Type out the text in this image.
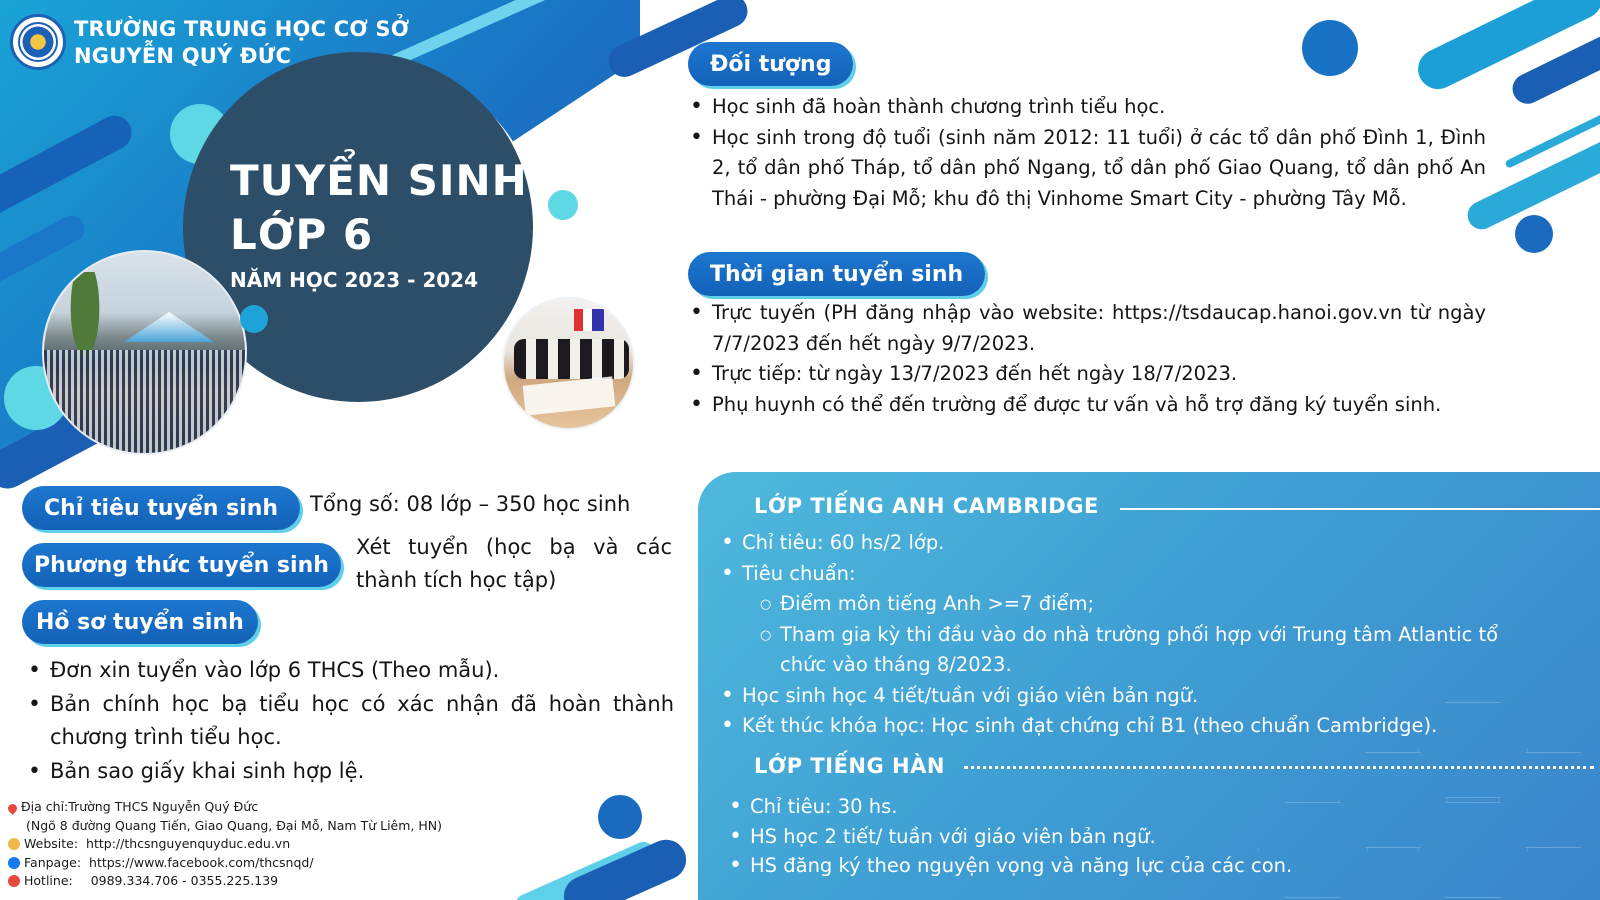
TRƯỜNG TRUNG HỌC CƠ SỞ
NGUYỄN QUÝ ĐỨC
TUYỂN SINH
LỚP 6
NĂM HỌC 2023 - 2024
Đối tượng
• Học sinh đã hoàn thành chương trình tiểu học.
• Học sinh trong độ tuổi (sinh năm 2012: 11 tuổi) ở các tổ dân phố Đình 1, Đình 2, tổ dân phố Tháp, tổ dân phố Ngang, tổ dân phố Giao Quang, tổ dân phố An Thái - phường Đại Mỗ; khu đô thị Vinhome Smart City - phường Tây Mỗ.
Thời gian tuyển sinh
• Trực tuyến (PH đăng nhập vào website: https://tsdaucap.hanoi.gov.vn từ ngày 7/7/2023 đến hết ngày 9/7/2023.
• Trực tiếp: từ ngày 13/7/2023 đến hết ngày 18/7/2023.
• Phụ huynh có thể đến trường để được tư vấn và hỗ trợ đăng ký tuyển sinh.
Chỉ tiêu tuyển sinh	Tổng số: 08 lớp – 350 học sinh
Phương thức tuyển sinh
Xét tuyển (học bạ và các thành tích học tập)
Hồ sơ tuyển sinh
• Đơn xin tuyển vào lớp 6 THCS (Theo mẫu).
• Bản chính học bạ tiểu học có xác nhận đã hoàn thành chương trình tiểu học.
• Bản sao giấy khai sinh hợp lệ.
Địa chỉ:Trường THCS Nguyễn Quý Đức
(Ngõ 8 đường Quang Tiến, Giao Quang, Đại Mỗ, Nam Từ Liêm, HN)
Website: http://thcsnguyenquyduc.edu.vn
Fanpage: https://www.facebook.com/thcsnqd/
Hotline: 0989.334.706 - 0355.225.139
LỚP TIẾNG ANH CAMBRIDGE
• Chỉ tiêu: 60 hs/2 lớp.
• Tiêu chuẩn:
○ Điểm môn tiếng Anh >=7 điểm;
○ Tham gia kỳ thi đầu vào do nhà trường phối hợp với Trung tâm Atlantic tổ chức vào tháng 8/2023.
• Học sinh học 4 tiết/tuần với giáo viên bản ngữ.
• Kết thúc khóa học: Học sinh đạt chứng chỉ B1 (theo chuẩn Cambridge).
LỚP TIẾNG HÀN
• Chỉ tiêu: 30 hs.
• HS học 2 tiết/ tuần với giáo viên bản ngữ.
• HS đăng ký theo nguyện vọng và năng lực của các con.
